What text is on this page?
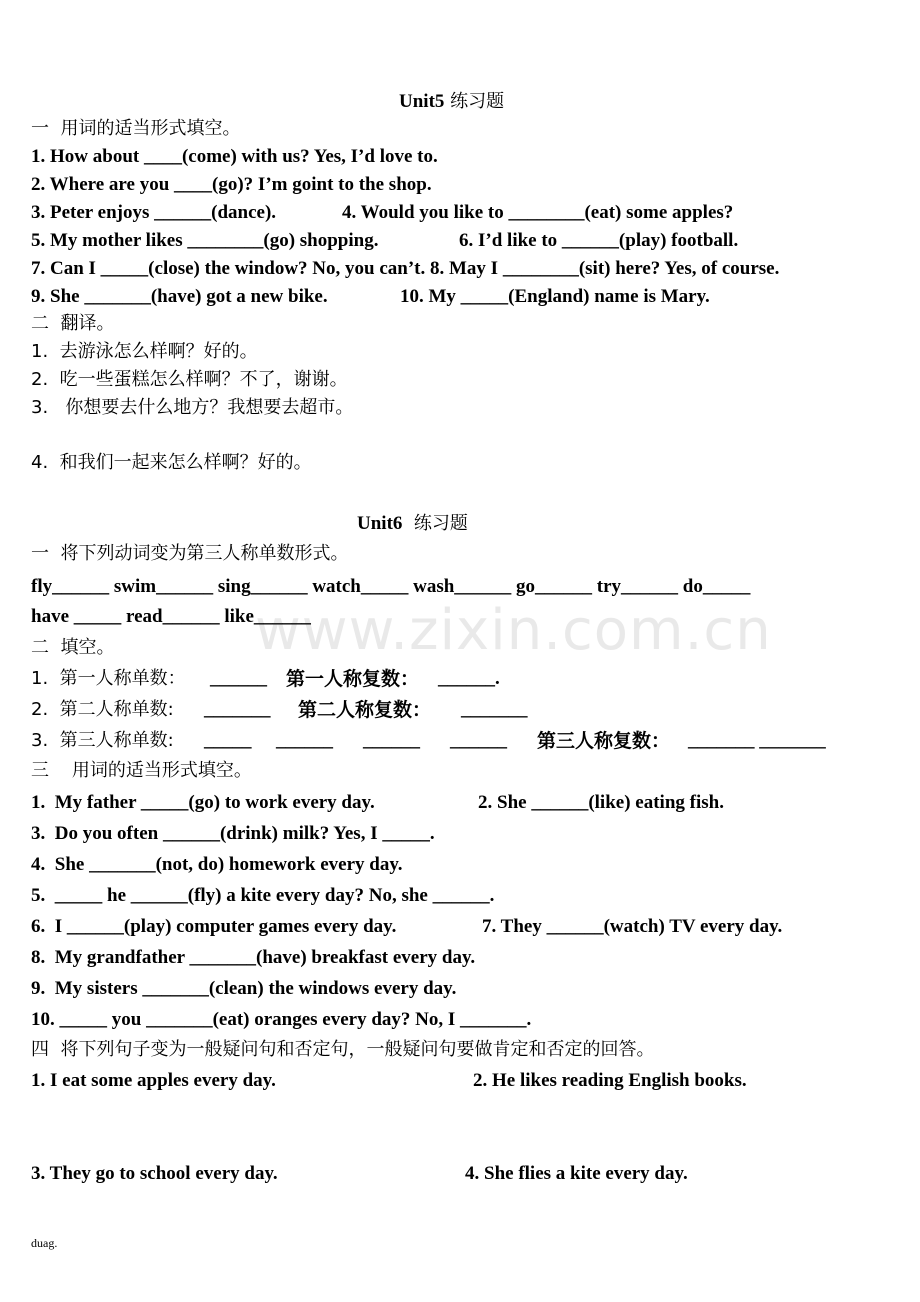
www.zixin.com.cn
Unit5 练习题
一  用词的适当形式填空。
1. How about ____(come) with us? Yes, I’d love to.
2. Where are you ____(go)? I’m goint to the shop.
3. Peter enjoys ______(dance).	4. Would you like to ________(eat) some apples?
5. My mother likes ________(go) shopping.	6. I’d like to ______(play) football.
7. Can I _____(close) the window? No, you can’t. 8. May I ________(sit) here? Yes, of course.
9. She _______(have) got a new bike.	10. My _____(England) name is Mary.
二  翻译。
1.  去游泳怎么样啊？好的。
2.  吃一些蛋糕怎么样啊？不了，谢谢。
3.   你想要去什么地方？我想要去超市。
4.  和我们一起来怎么样啊？好的。
Unit6  练习题
一  将下列动词变为第三人称单数形式。
fly______ swim______ sing______ watch_____ wash______ go______ try______ do_____
have _____ read______ like______
二  填空。
1.  第一人称单数： ______ 第一人称复数： ______.
2.  第二人称单数: _______ 第二人称复数： _______
3.  第三人称单数: _____ ______ ______ ______ 第三人称复数： _______ _______
三    用词的适当形式填空。
1.  My father _____(go) to work every day.	2. She ______(like) eating fish.
3.  Do you often ______(drink) milk? Yes, I _____.
4.  She _______(not, do) homework every day.
5.  _____ he ______(fly) a kite every day? No, she ______.
6.  I ______(play) computer games every day.	7. They ______(watch) TV every day.
8.  My grandfather _______(have) breakfast every day.
9.  My sisters _______(clean) the windows every day.
10. _____ you _______(eat) oranges every day? No, I _______.
四  将下列句子变为一般疑问句和否定句，一般疑问句要做肯定和否定的回答。
1. I eat some apples every day.	2. He likes reading English books.
3. They go to school every day.	4. She flies a kite every day.
duag.
